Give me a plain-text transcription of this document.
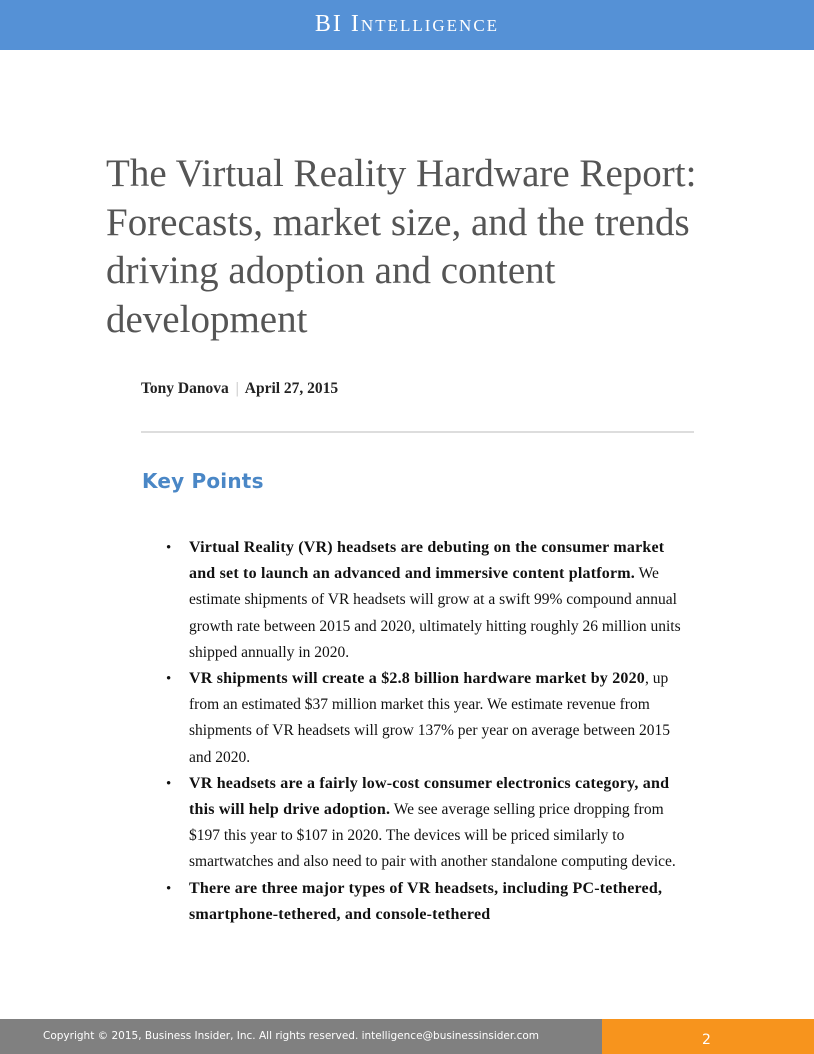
BI Intelligence
The Virtual Reality Hardware Report: Forecasts, market size, and the trends driving adoption and content development
Tony Danova | April 27, 2015
Key Points
• Virtual Reality (VR) headsets are debuting on the consumer market and set to launch an advanced and immersive content platform. We estimate shipments of VR headsets will grow at a swift 99% compound annual growth rate between 2015 and 2020, ultimately hitting roughly 26 million units shipped annually in 2020.
• VR shipments will create a $2.8 billion hardware market by 2020, up from an estimated $37 million market this year. We estimate revenue from shipments of VR headsets will grow 137% per year on average between 2015 and 2020.
• VR headsets are a fairly low-cost consumer electronics category, and this will help drive adoption. We see average selling price dropping from $197 this year to $107 in 2020. The devices will be priced similarly to smartwatches and also need to pair with another standalone computing device.
• There are three major types of VR headsets, including PC-tethered, smartphone-tethered, and console-tethered
Copyright © 2015, Business Insider, Inc. All rights reserved. intelligence@businessinsider.com	2
